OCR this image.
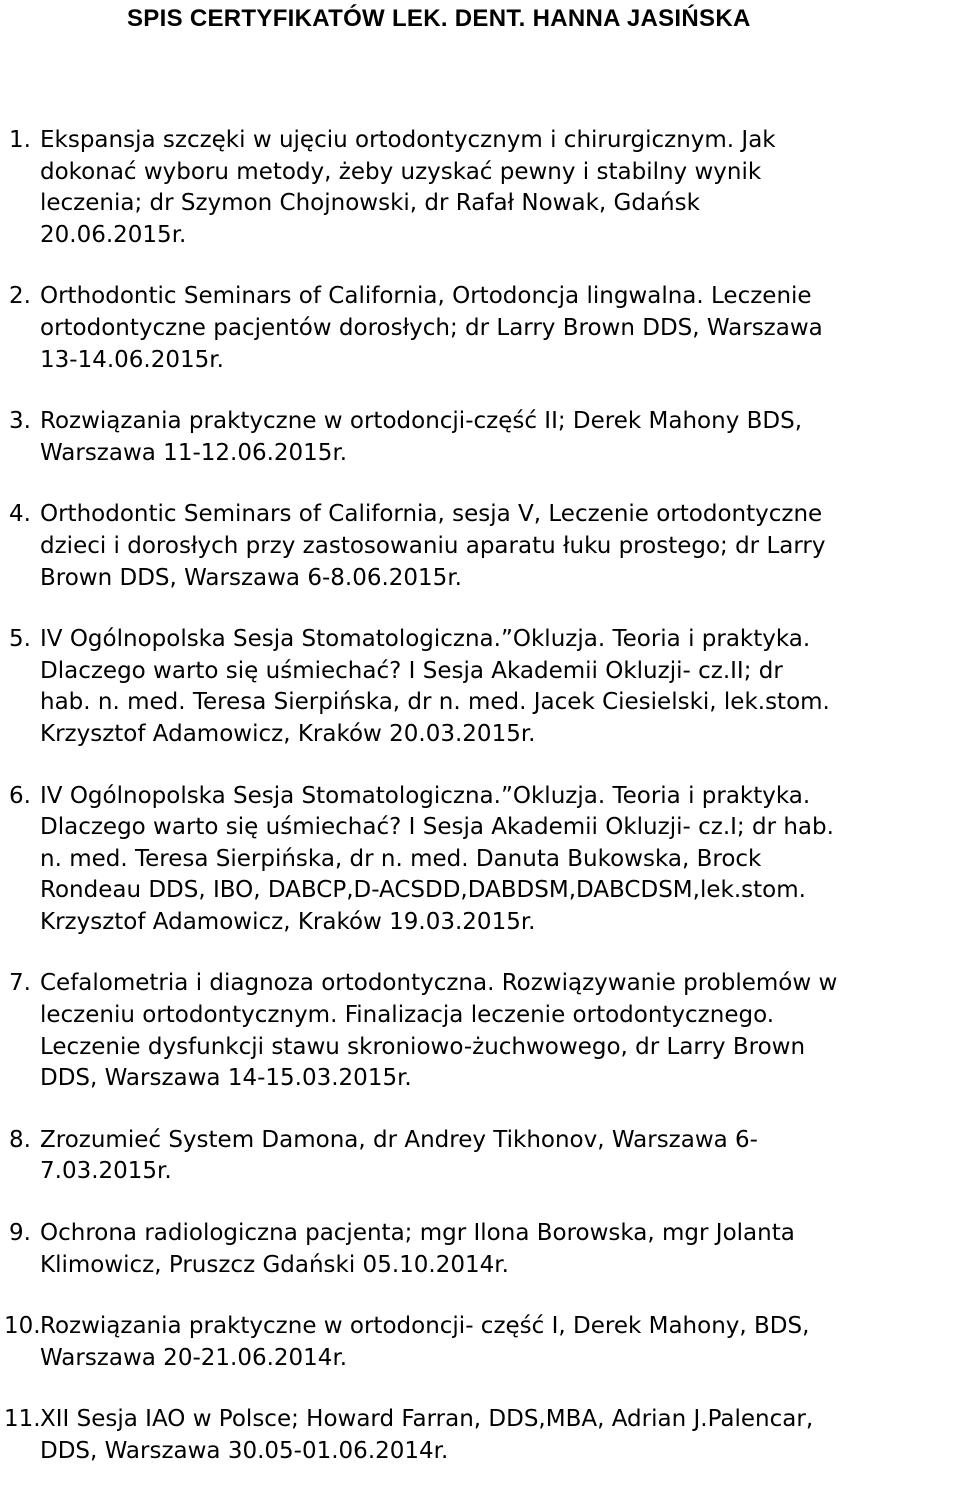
SPIS CERTYFIKATÓW LEK. DENT. HANNA JASIŃSKA
1. Ekspansja szczęki w ujęciu ortodontycznym i chirurgicznym. Jak
dokonać wyboru metody, żeby uzyskać pewny i stabilny wynik
leczenia; dr Szymon Chojnowski, dr Rafał Nowak, Gdańsk
20.06.2015r.
2. Orthodontic Seminars of California, Ortodoncja lingwalna. Leczenie
ortodontyczne pacjentów dorosłych; dr Larry Brown DDS, Warszawa
13-14.06.2015r.
3. Rozwiązania praktyczne w ortodoncji-część II; Derek Mahony BDS,
Warszawa 11-12.06.2015r.
4. Orthodontic Seminars of California, sesja V, Leczenie ortodontyczne
dzieci i dorosłych przy zastosowaniu aparatu łuku prostego; dr Larry
Brown DDS, Warszawa 6-8.06.2015r.
5. IV Ogólnopolska Sesja Stomatologiczna.”Okluzja. Teoria i praktyka.
Dlaczego warto się uśmiechać? I Sesja Akademii Okluzji- cz.II; dr
hab. n. med. Teresa Sierpińska, dr n. med. Jacek Ciesielski, lek.stom.
Krzysztof Adamowicz, Kraków 20.03.2015r.
6. IV Ogólnopolska Sesja Stomatologiczna.”Okluzja. Teoria i praktyka.
Dlaczego warto się uśmiechać? I Sesja Akademii Okluzji- cz.I; dr hab.
n. med. Teresa Sierpińska, dr n. med. Danuta Bukowska, Brock
Rondeau DDS, IBO, DABCP,D-ACSDD,DABDSM,DABCDSM,lek.stom.
Krzysztof Adamowicz, Kraków 19.03.2015r.
7. Cefalometria i diagnoza ortodontyczna. Rozwiązywanie problemów w
leczeniu ortodontycznym. Finalizacja leczenie ortodontycznego.
Leczenie dysfunkcji stawu skroniowo-żuchwowego, dr Larry Brown
DDS, Warszawa 14-15.03.2015r.
8. Zrozumieć System Damona, dr Andrey Tikhonov, Warszawa 6-
7.03.2015r.
9. Ochrona radiologiczna pacjenta; mgr Ilona Borowska, mgr Jolanta
Klimowicz, Pruszcz Gdański 05.10.2014r.
10. Rozwiązania praktyczne w ortodoncji- część I, Derek Mahony, BDS,
Warszawa 20-21.06.2014r.
11. XII Sesja IAO w Polsce; Howard Farran, DDS,MBA, Adrian J.Palencar,
DDS, Warszawa 30.05-01.06.2014r.
